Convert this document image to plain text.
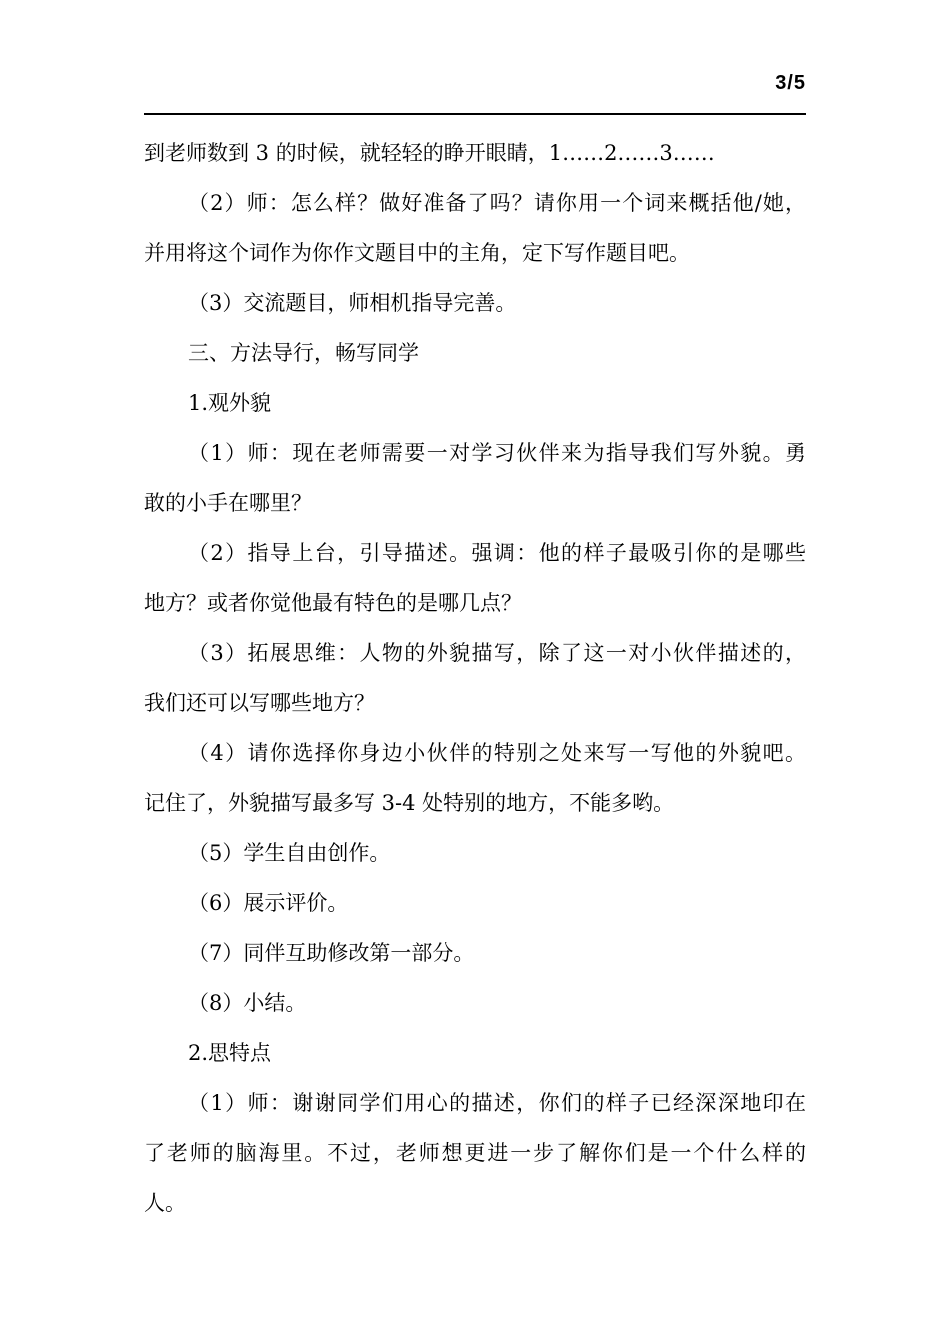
3/5
到老师数到 3 的时候，就轻轻的睁开眼睛，1……2……3……
（2）师：怎么样？做好准备了吗？请你用一个词来概括他/她，
并用将这个词作为你作文题目中的主角，定下写作题目吧。
（3）交流题目，师相机指导完善。
三、方法导行，畅写同学
1.观外貌
（1）师：现在老师需要一对学习伙伴来为指导我们写外貌。勇
敢的小手在哪里？
（2）指导上台，引导描述。强调：他的样子最吸引你的是哪些
地方？或者你觉他最有特色的是哪几点？
（3）拓展思维：人物的外貌描写，除了这一对小伙伴描述的，
我们还可以写哪些地方？
（4）请你选择你身边小伙伴的特别之处来写一写他的外貌吧。
记住了，外貌描写最多写 3-4 处特别的地方，不能多哟。
（5）学生自由创作。
（6）展示评价。
（7）同伴互助修改第一部分。
（8）小结。
2.思特点
（1）师：谢谢同学们用心的描述，你们的样子已经深深地印在
了老师的脑海里。不过，老师想更进一步了解你们是一个什么样的
人。
